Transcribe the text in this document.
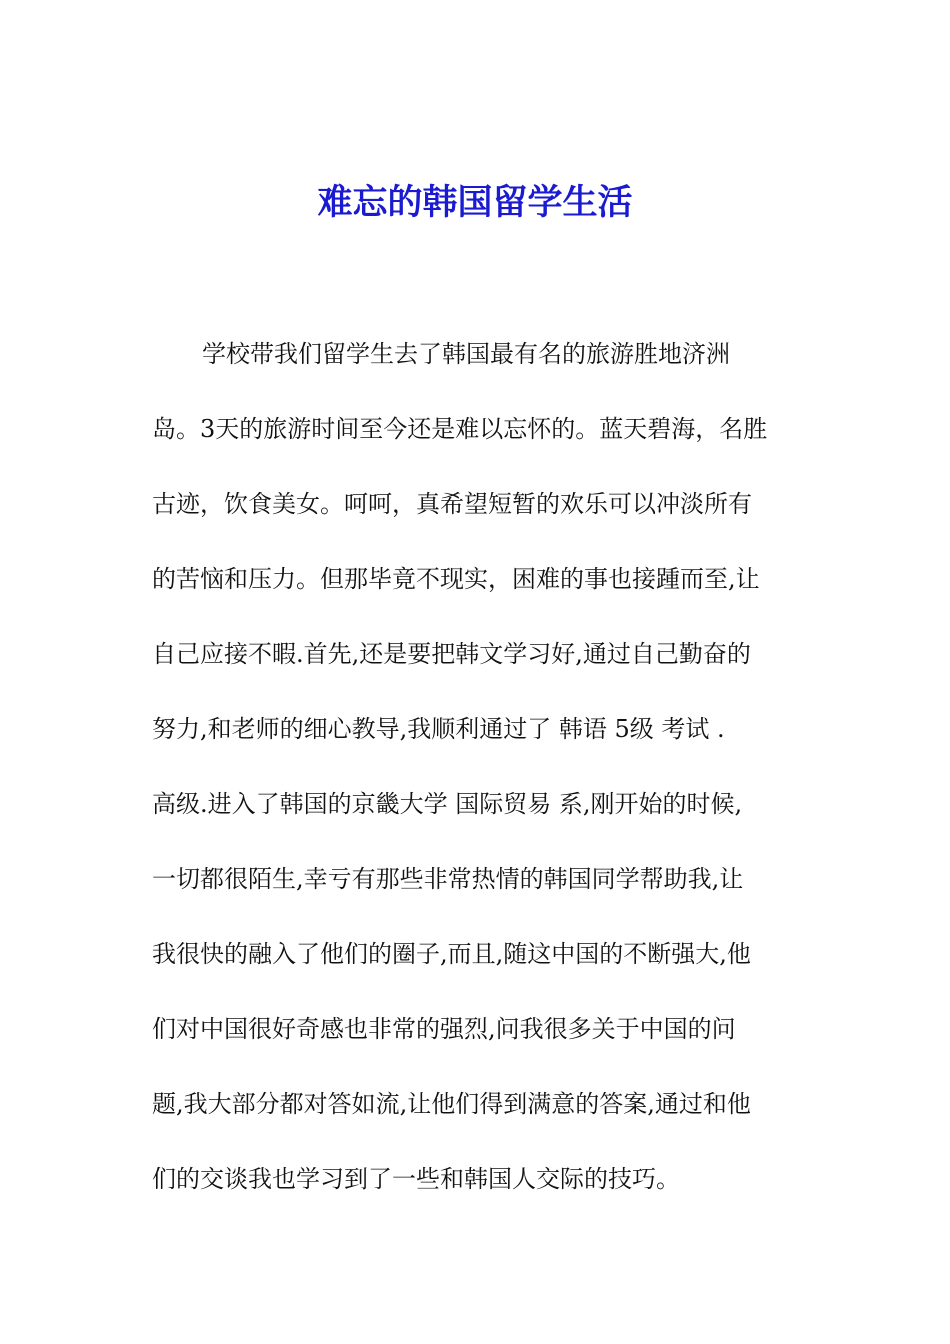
难忘的韩国留学生活
学校带我们留学生去了韩国最有名的旅游胜地济洲
岛。3天的旅游时间至今还是难以忘怀的。蓝天碧海，名胜
古迹，饮食美女。呵呵，真希望短暂的欢乐可以冲淡所有
的苦恼和压力。但那毕竟不现实，困难的事也接踵而至,让
自己应接不暇.首先,还是要把韩文学习好,通过自己勤奋的
努力,和老师的细心教导,我顺利通过了 韩语 5级 考试 .
高级.进入了韩国的京畿大学 国际贸易 系,刚开始的时候,
一切都很陌生,幸亏有那些非常热情的韩国同学帮助我,让
我很快的融入了他们的圈子,而且,随这中国的不断强大,他
们对中国很好奇感也非常的强烈,问我很多关于中国的问
题,我大部分都对答如流,让他们得到满意的答案,通过和他
们的交谈我也学习到了一些和韩国人交际的技巧。
